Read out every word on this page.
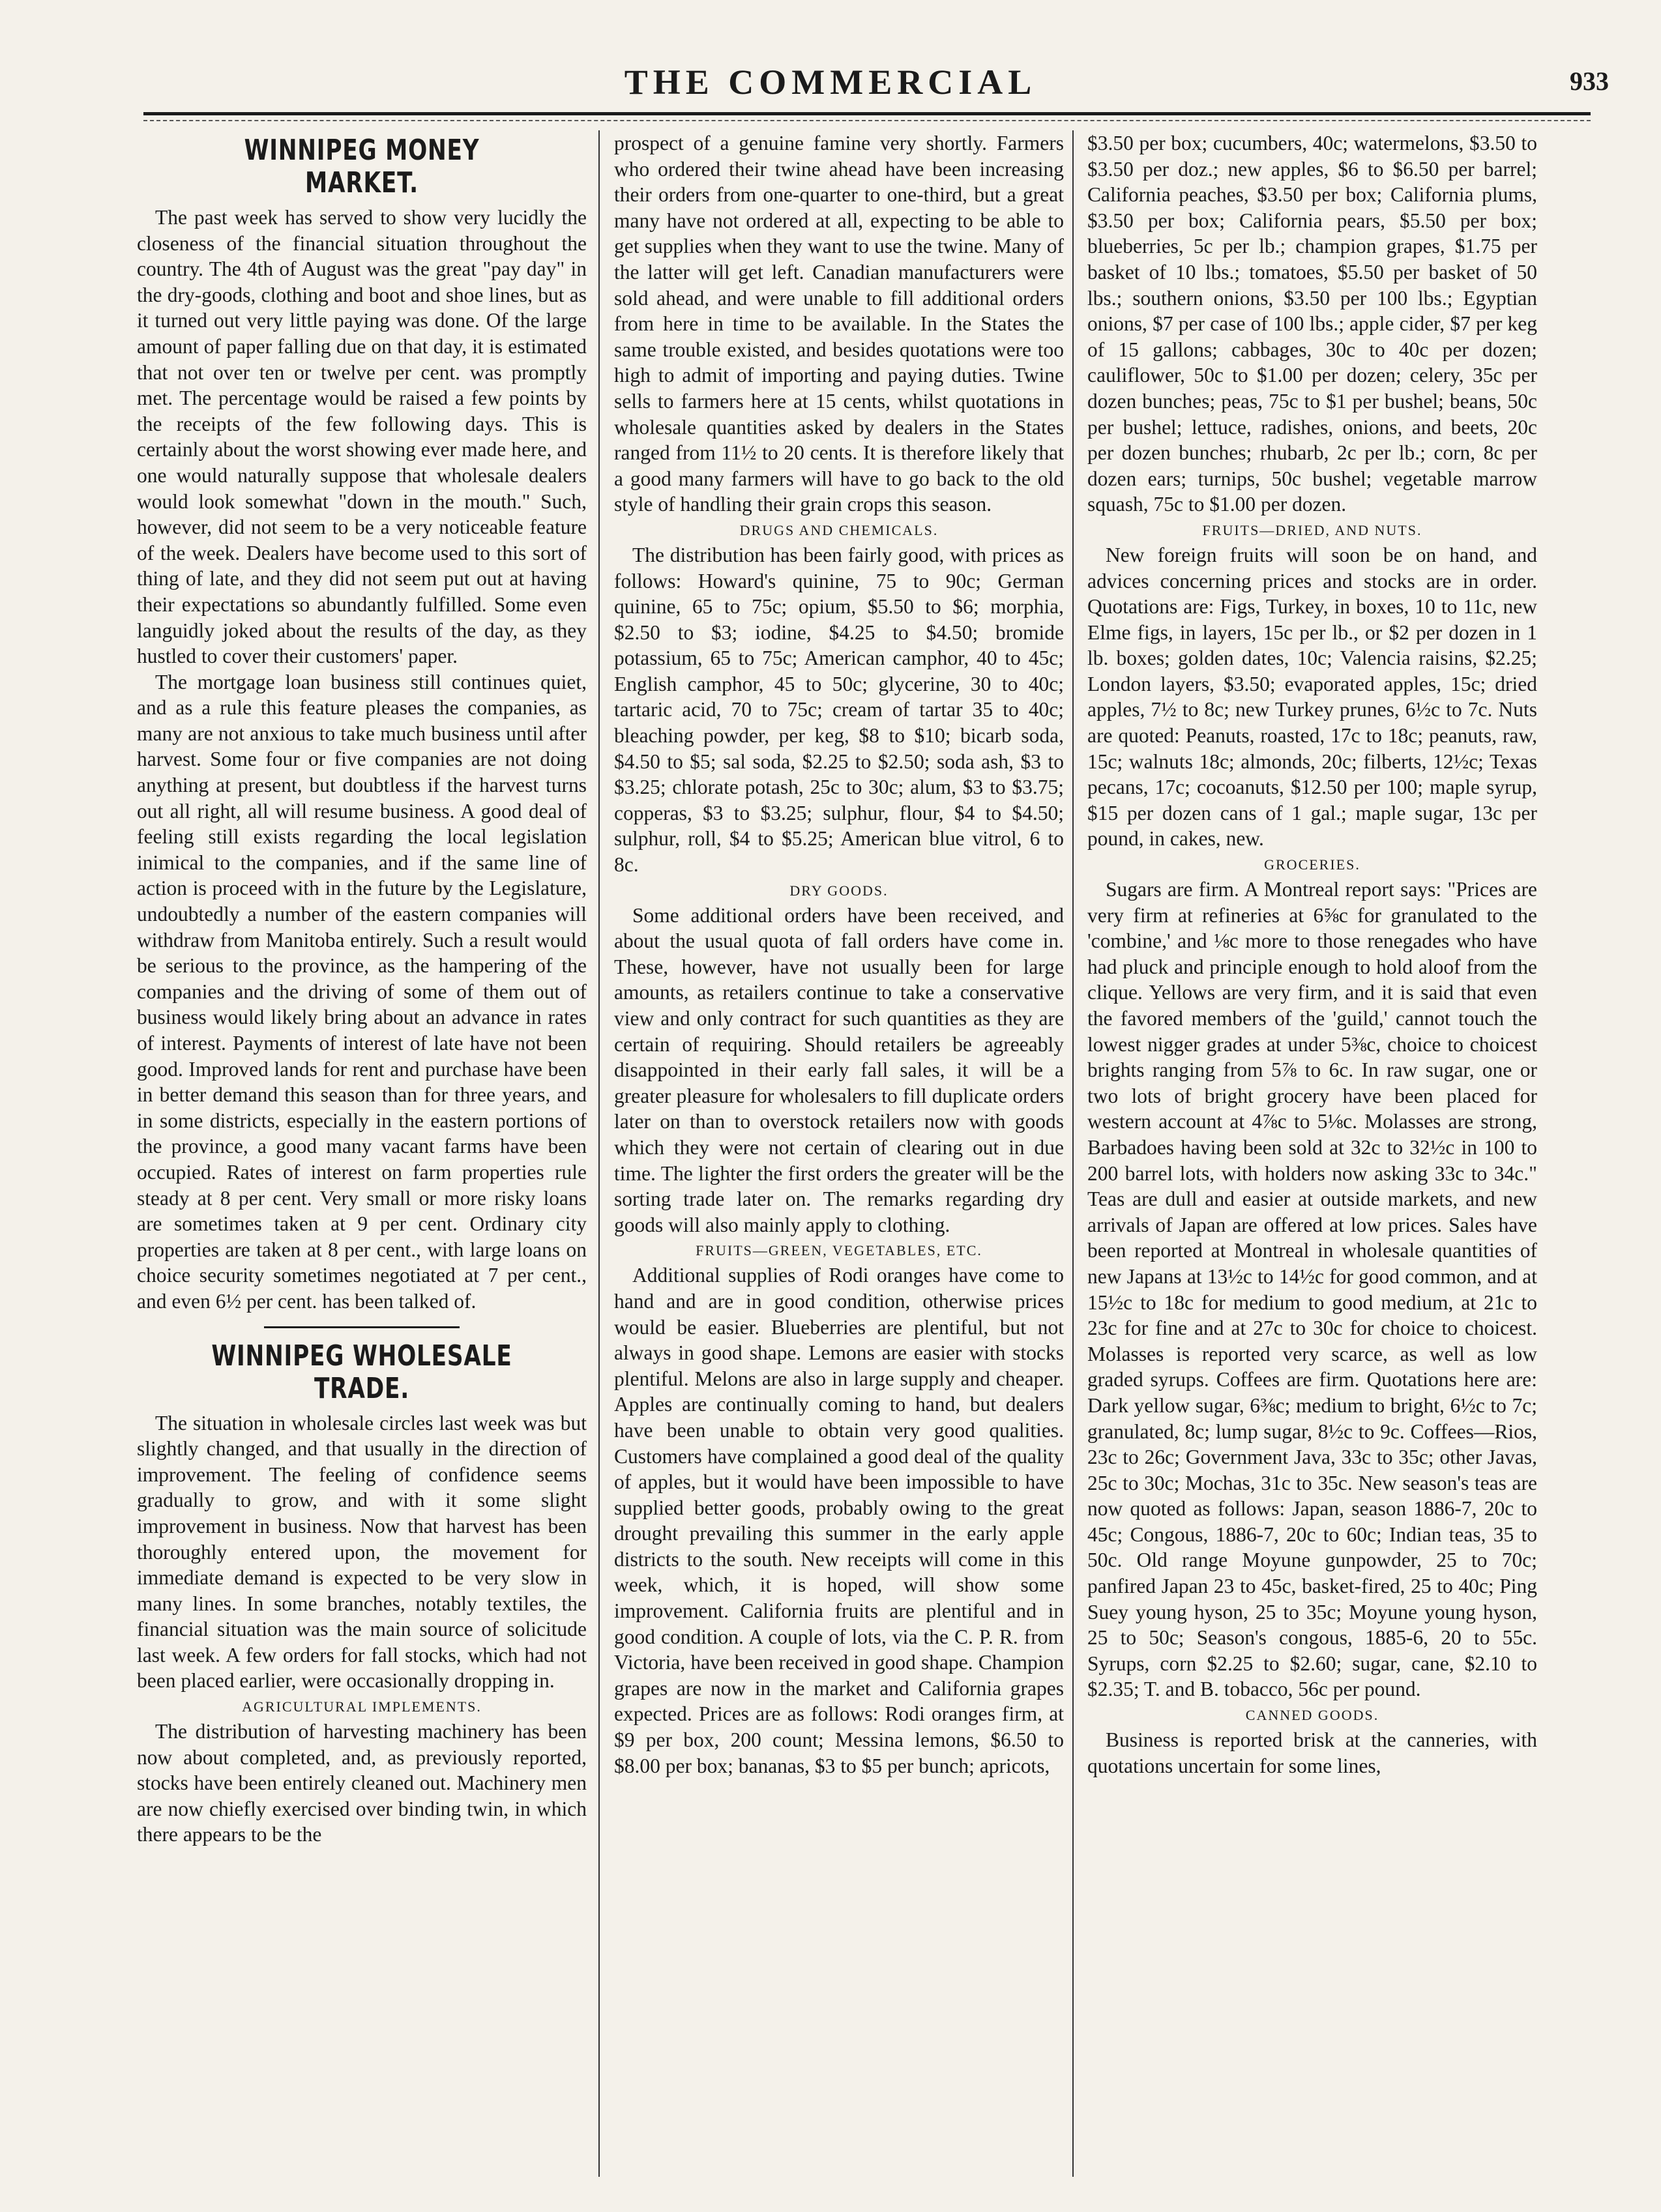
THE COMMERCIAL	933
WINNIPEG MONEY MARKET.

The past week has served to show very lucidly the closeness of the financial situation throughout the country. The 4th of August was the great "pay day" in the dry-goods, clothing and boot and shoe lines, but as it turned out very little paying was done. Of the large amount of paper falling due on that day, it is estimated that not over ten or twelve per cent. was promptly met. The percentage would be raised a few points by the receipts of the few following days. This is certainly about the worst showing ever made here, and one would naturally suppose that wholesale dealers would look somewhat "down in the mouth." Such, however, did not seem to be a very noticeable feature of the week. Dealers have become used to this sort of thing of late, and they did not seem put out at having their expectations so abundantly fulfilled. Some even languidly joked about the results of the day, as they hustled to cover their customers' paper.

The mortgage loan business still continues quiet, and as a rule this feature pleases the companies, as many are not anxious to take much business until after harvest. Some four or five companies are not doing anything at present, but doubtless if the harvest turns out all right, all will resume business. A good deal of feeling still exists regarding the local legislation inimical to the companies, and if the same line of action is proceed with in the future by the Legislature, undoubtedly a number of the eastern companies will withdraw from Manitoba entirely. Such a result would be serious to the province, as the hampering of the companies and the driving of some of them out of business would likely bring about an advance in rates of interest. Payments of interest of late have not been good. Improved lands for rent and purchase have been in better demand this season than for three years, and in some districts, especially in the eastern portions of the province, a good many vacant farms have been occupied. Rates of interest on farm properties rule steady at 8 per cent. Very small or more risky loans are sometimes taken at 9 per cent. Ordinary city properties are taken at 8 per cent., with large loans on choice security sometimes negotiated at 7 per cent., and even 6½ per cent. has been talked of.

WINNIPEG WHOLESALE TRADE.

The situation in wholesale circles last week was but slightly changed, and that usually in the direction of improvement. The feeling of confidence seems gradually to grow, and with it some slight improvement in business. Now that harvest has been thoroughly entered upon, the movement for immediate demand is expected to be very slow in many lines. In some branches, notably textiles, the financial situation was the main source of solicitude last week. A few orders for fall stocks, which had not been placed earlier, were occasionally dropping in.

AGRICULTURAL IMPLEMENTS.

The distribution of harvesting machinery has been now about completed, and, as previously reported, stocks have been entirely cleaned out. Machinery men are now chiefly exercised over binding twin, in which there appears to be the

prospect of a genuine famine very shortly. Farmers who ordered their twine ahead have been increasing their orders from one-quarter to one-third, but a great many have not ordered at all, expecting to be able to get supplies when they want to use the twine. Many of the latter will get left. Canadian manufacturers were sold ahead, and were unable to fill additional orders from here in time to be available. In the States the same trouble existed, and besides quotations were too high to admit of importing and paying duties. Twine sells to farmers here at 15 cents, whilst quotations in wholesale quantities asked by dealers in the States ranged from 11½ to 20 cents. It is therefore likely that a good many farmers will have to go back to the old style of handling their grain crops this season.

DRUGS AND CHEMICALS.

The distribution has been fairly good, with prices as follows: Howard's quinine, 75 to 90c; German quinine, 65 to 75c; opium, $5.50 to $6; morphia, $2.50 to $3; iodine, $4.25 to $4.50; bromide potassium, 65 to 75c; American camphor, 40 to 45c; English camphor, 45 to 50c; glycerine, 30 to 40c; tartaric acid, 70 to 75c; cream of tartar 35 to 40c; bleaching powder, per keg, $8 to $10; bicarb soda, $4.50 to $5; sal soda, $2.25 to $2.50; soda ash, $3 to $3.25; chlorate potash, 25c to 30c; alum, $3 to $3.75; copperas, $3 to $3.25; sulphur, flour, $4 to $4.50; sulphur, roll, $4 to $5.25; American blue vitrol, 6 to 8c.

DRY GOODS.

Some additional orders have been received, and about the usual quota of fall orders have come in. These, however, have not usually been for large amounts, as retailers continue to take a conservative view and only contract for such quantities as they are certain of requiring. Should retailers be agreeably disappointed in their early fall sales, it will be a greater pleasure for wholesalers to fill duplicate orders later on than to overstock retailers now with goods which they were not certain of clearing out in due time. The lighter the first orders the greater will be the sorting trade later on. The remarks regarding dry goods will also mainly apply to clothing.

FRUITS—GREEN, VEGETABLES, ETC.

Additional supplies of Rodi oranges have come to hand and are in good condition, otherwise prices would be easier. Blueberries are plentiful, but not always in good shape. Lemons are easier with stocks plentiful. Melons are also in large supply and cheaper. Apples are continually coming to hand, but dealers have been unable to obtain very good qualities. Customers have complained a good deal of the quality of apples, but it would have been impossible to have supplied better goods, probably owing to the great drought prevailing this summer in the early apple districts to the south. New receipts will come in this week, which, it is hoped, will show some improvement. California fruits are plentiful and in good condition. A couple of lots, via the C. P. R. from Victoria, have been received in good shape. Champion grapes are now in the market and California grapes expected. Prices are as follows: Rodi oranges firm, at $9 per box, 200 count; Messina lemons, $6.50 to $8.00 per box; bananas, $3 to $5 per bunch; apricots,

$3.50 per box; cucumbers, 40c; watermelons, $3.50 to $3.50 per doz.; new apples, $6 to $6.50 per barrel; California peaches, $3.50 per box; California plums, $3.50 per box; California pears, $5.50 per box; blueberries, 5c per lb.; champion grapes, $1.75 per basket of 10 lbs.; tomatoes, $5.50 per basket of 50 lbs.; southern onions, $3.50 per 100 lbs.; Egyptian onions, $7 per case of 100 lbs.; apple cider, $7 per keg of 15 gallons; cabbages, 30c to 40c per dozen; cauliflower, 50c to $1.00 per dozen; celery, 35c per dozen bunches; peas, 75c to $1 per bushel; beans, 50c per bushel; lettuce, radishes, onions, and beets, 20c per dozen bunches; rhubarb, 2c per lb.; corn, 8c per dozen ears; turnips, 50c bushel; vegetable marrow squash, 75c to $1.00 per dozen.

FRUITS—DRIED, AND NUTS.

New foreign fruits will soon be on hand, and advices concerning prices and stocks are in order. Quotations are: Figs, Turkey, in boxes, 10 to 11c, new Elme figs, in layers, 15c per lb., or $2 per dozen in 1 lb. boxes; golden dates, 10c; Valencia raisins, $2.25; London layers, $3.50; evaporated apples, 15c; dried apples, 7½ to 8c; new Turkey prunes, 6½c to 7c. Nuts are quoted: Peanuts, roasted, 17c to 18c; peanuts, raw, 15c; walnuts 18c; almonds, 20c; filberts, 12½c; Texas pecans, 17c; cocoanuts, $12.50 per 100; maple syrup, $15 per dozen cans of 1 gal.; maple sugar, 13c per pound, in cakes, new.

GROCERIES.

Sugars are firm. A Montreal report says: "Prices are very firm at refineries at 6⅝c for granulated to the 'combine,' and ⅛c more to those renegades who have had pluck and principle enough to hold aloof from the clique. Yellows are very firm, and it is said that even the favored members of the 'guild,' cannot touch the lowest nigger grades at under 5⅜c, choice to choicest brights ranging from 5⅞ to 6c. In raw sugar, one or two lots of bright grocery have been placed for western account at 4⅞c to 5⅛c. Molasses are strong, Barbadoes having been sold at 32c to 32½c in 100 to 200 barrel lots, with holders now asking 33c to 34c." Teas are dull and easier at outside markets, and new arrivals of Japan are offered at low prices. Sales have been reported at Montreal in wholesale quantities of new Japans at 13½c to 14½c for good common, and at 15½c to 18c for medium to good medium, at 21c to 23c for fine and at 27c to 30c for choice to choicest. Molasses is reported very scarce, as well as low graded syrups. Coffees are firm. Quotations here are: Dark yellow sugar, 6⅜c; medium to bright, 6½c to 7c; granulated, 8c; lump sugar, 8½c to 9c. Coffees—Rios, 23c to 26c; Government Java, 33c to 35c; other Javas, 25c to 30c; Mochas, 31c to 35c. New season's teas are now quoted as follows: Japan, season 1886-7, 20c to 45c; Congous, 1886-7, 20c to 60c; Indian teas, 35 to 50c. Old range Moyune gunpowder, 25 to 70c; panfired Japan 23 to 45c, basket-fired, 25 to 40c; Ping Suey young hyson, 25 to 35c; Moyune young hyson, 25 to 50c; Season's congous, 1885-6, 20 to 55c. Syrups, corn $2.25 to $2.60; sugar, cane, $2.10 to $2.35; T. and B. tobacco, 56c per pound.

CANNED GOODS.

Business is reported brisk at the canneries, with quotations uncertain for some lines,
